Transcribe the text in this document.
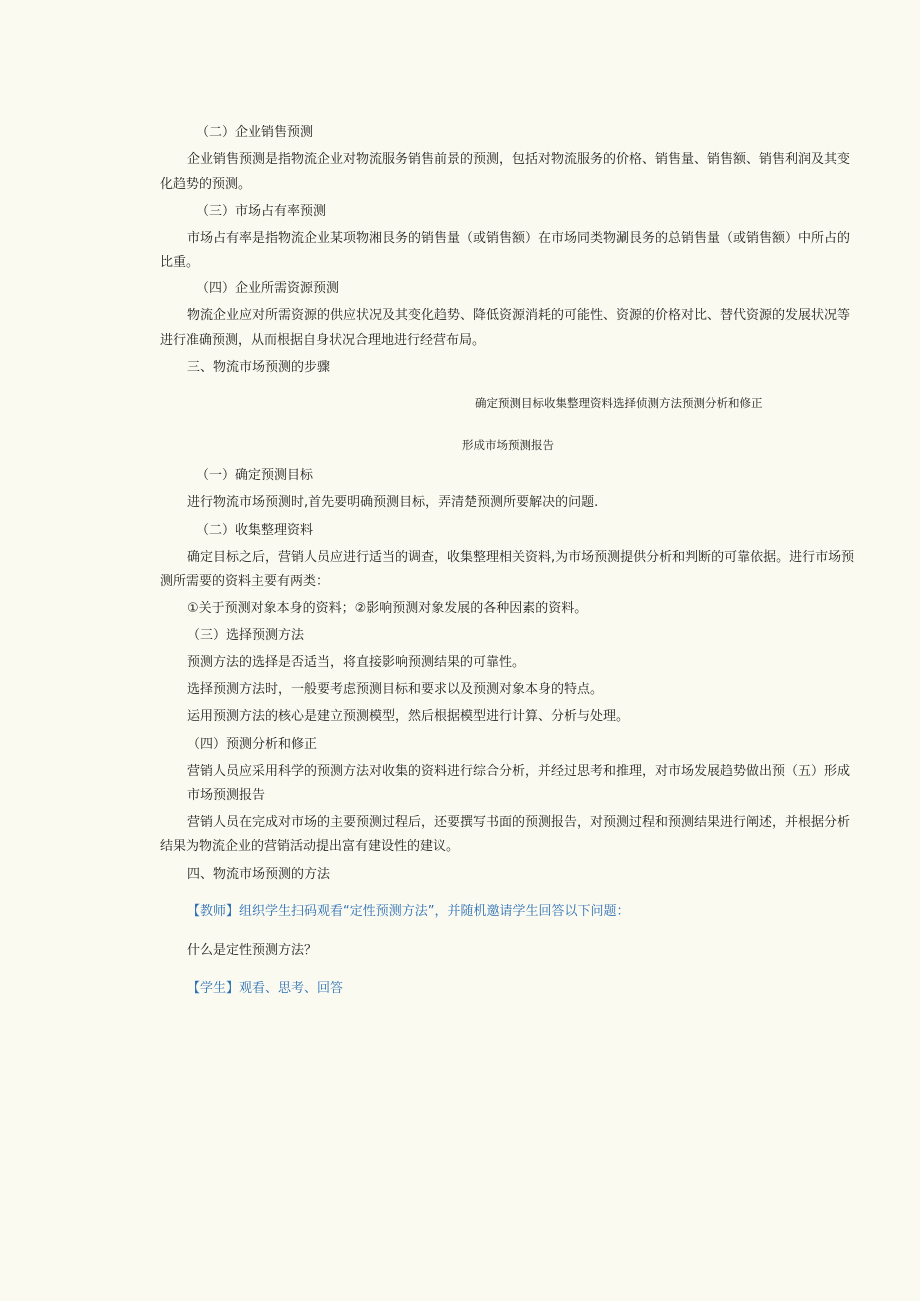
（二）企业销售预测

企业销售预测是指物流企业对物流服务销售前景的预测，包括对物流服务的价格、销售量、销售额、销售利润及其变

化趋势的预测。

（三）市场占有率预测

市场占有率是指物流企业某项物湘艮务的销售量（或销售额）在市场同类物涮艮务的总销售量（或销售额）中所占的

比重。

（四）企业所需资源预测

物流企业应对所需资源的供应状况及其变化趋势、降低资源消耗的可能性、资源的价格对比、替代资源的发展状况等

进行准确预测，从而根据自身状况合理地进行经营布局。

三、物流市场预测的步骤

确定预测目标收集整理资料选择侦测方法预测分析和修正

形成市场预测报告

（一）确定预测目标

进行物流市场预测时,首先要明确预测目标，弄清楚预测所要解决的问题.

（二）收集整理资料

确定目标之后，营销人员应进行适当的调查，收集整理相关资料,为市场预测提供分析和判断的可靠依据。进行市场预

测所需要的资料主要有两类：

①关于预测对象本身的资料；②影响预测对象发展的各种因素的资料。

（三）选择预测方法

预测方法的选择是否适当，将直接影响预测结果的可靠性。

选择预测方法时，一般要考虑预测目标和要求以及预测对象本身的特点。

运用预测方法的核心是建立预测模型，然后根据模型进行计算、分析与处理。

（四）预测分析和修正

营销人员应采用科学的预测方法对收集的资料进行综合分析，并经过思考和推理，对市场发展趋势做出预（五）形成

市场预测报告

营销人员在完成对市场的主要预测过程后，还要撰写书面的预测报告，对预测过程和预测结果进行阐述，并根据分析

结果为物流企业的营销活动提出富有建设性的建议。

四、物流市场预测的方法

【教师】组织学生扫码观看“定性预测方法”，并随机邀请学生回答以下问题：

什么是定性预测方法？

【学生】观看、思考、回答
